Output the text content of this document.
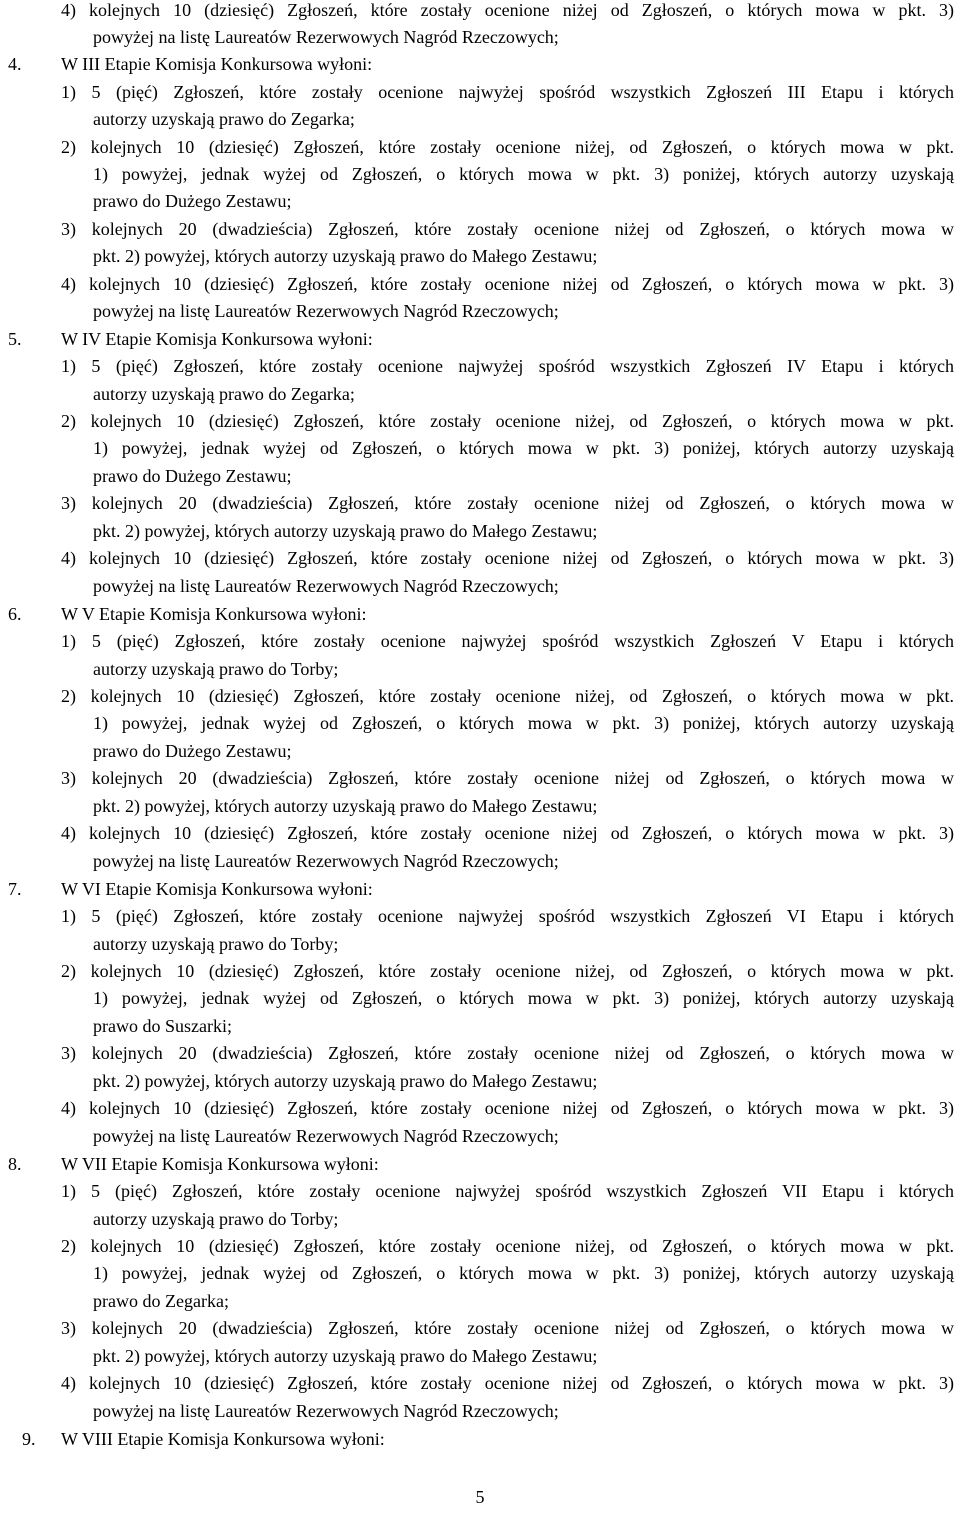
4) kolejnych 10 (dziesięć) Zgłoszeń, które zostały ocenione niżej od Zgłoszeń, o których mowa w pkt. 3)
powyżej na listę Laureatów Rezerwowych Nagród Rzeczowych;
4. W III Etapie Komisja Konkursowa wyłoni:
1) 5 (pięć) Zgłoszeń, które zostały ocenione najwyżej spośród wszystkich Zgłoszeń III Etapu i których
autorzy uzyskają prawo do Zegarka;
2) kolejnych 10 (dziesięć) Zgłoszeń, które zostały ocenione niżej, od Zgłoszeń, o których mowa w pkt.
1) powyżej, jednak wyżej od Zgłoszeń, o których mowa w pkt. 3) poniżej, których autorzy uzyskają
prawo do Dużego Zestawu;
3) kolejnych 20 (dwadzieścia) Zgłoszeń, które zostały ocenione niżej od Zgłoszeń, o których mowa w
pkt. 2) powyżej, których autorzy uzyskają prawo do Małego Zestawu;
4) kolejnych 10 (dziesięć) Zgłoszeń, które zostały ocenione niżej od Zgłoszeń, o których mowa w pkt. 3)
powyżej na listę Laureatów Rezerwowych Nagród Rzeczowych;
5. W IV Etapie Komisja Konkursowa wyłoni:
1) 5 (pięć) Zgłoszeń, które zostały ocenione najwyżej spośród wszystkich Zgłoszeń IV Etapu i których
autorzy uzyskają prawo do Zegarka;
2) kolejnych 10 (dziesięć) Zgłoszeń, które zostały ocenione niżej, od Zgłoszeń, o których mowa w pkt.
1) powyżej, jednak wyżej od Zgłoszeń, o których mowa w pkt. 3) poniżej, których autorzy uzyskają
prawo do Dużego Zestawu;
3) kolejnych 20 (dwadzieścia) Zgłoszeń, które zostały ocenione niżej od Zgłoszeń, o których mowa w
pkt. 2) powyżej, których autorzy uzyskają prawo do Małego Zestawu;
4) kolejnych 10 (dziesięć) Zgłoszeń, które zostały ocenione niżej od Zgłoszeń, o których mowa w pkt. 3)
powyżej na listę Laureatów Rezerwowych Nagród Rzeczowych;
6. W V Etapie Komisja Konkursowa wyłoni:
1) 5 (pięć) Zgłoszeń, które zostały ocenione najwyżej spośród wszystkich Zgłoszeń V Etapu i których
autorzy uzyskają prawo do Torby;
2) kolejnych 10 (dziesięć) Zgłoszeń, które zostały ocenione niżej, od Zgłoszeń, o których mowa w pkt.
1) powyżej, jednak wyżej od Zgłoszeń, o których mowa w pkt. 3) poniżej, których autorzy uzyskają
prawo do Dużego Zestawu;
3) kolejnych 20 (dwadzieścia) Zgłoszeń, które zostały ocenione niżej od Zgłoszeń, o których mowa w
pkt. 2) powyżej, których autorzy uzyskają prawo do Małego Zestawu;
4) kolejnych 10 (dziesięć) Zgłoszeń, które zostały ocenione niżej od Zgłoszeń, o których mowa w pkt. 3)
powyżej na listę Laureatów Rezerwowych Nagród Rzeczowych;
7. W VI Etapie Komisja Konkursowa wyłoni:
1) 5 (pięć) Zgłoszeń, które zostały ocenione najwyżej spośród wszystkich Zgłoszeń VI Etapu i których
autorzy uzyskają prawo do Torby;
2) kolejnych 10 (dziesięć) Zgłoszeń, które zostały ocenione niżej, od Zgłoszeń, o których mowa w pkt.
1) powyżej, jednak wyżej od Zgłoszeń, o których mowa w pkt. 3) poniżej, których autorzy uzyskają
prawo do Suszarki;
3) kolejnych 20 (dwadzieścia) Zgłoszeń, które zostały ocenione niżej od Zgłoszeń, o których mowa w
pkt. 2) powyżej, których autorzy uzyskają prawo do Małego Zestawu;
4) kolejnych 10 (dziesięć) Zgłoszeń, które zostały ocenione niżej od Zgłoszeń, o których mowa w pkt. 3)
powyżej na listę Laureatów Rezerwowych Nagród Rzeczowych;
8. W VII Etapie Komisja Konkursowa wyłoni:
1) 5 (pięć) Zgłoszeń, które zostały ocenione najwyżej spośród wszystkich Zgłoszeń VII Etapu i których
autorzy uzyskają prawo do Torby;
2) kolejnych 10 (dziesięć) Zgłoszeń, które zostały ocenione niżej, od Zgłoszeń, o których mowa w pkt.
1) powyżej, jednak wyżej od Zgłoszeń, o których mowa w pkt. 3) poniżej, których autorzy uzyskają
prawo do Zegarka;
3) kolejnych 20 (dwadzieścia) Zgłoszeń, które zostały ocenione niżej od Zgłoszeń, o których mowa w
pkt. 2) powyżej, których autorzy uzyskają prawo do Małego Zestawu;
4) kolejnych 10 (dziesięć) Zgłoszeń, które zostały ocenione niżej od Zgłoszeń, o których mowa w pkt. 3)
powyżej na listę Laureatów Rezerwowych Nagród Rzeczowych;
9. W VIII Etapie Komisja Konkursowa wyłoni:
5
